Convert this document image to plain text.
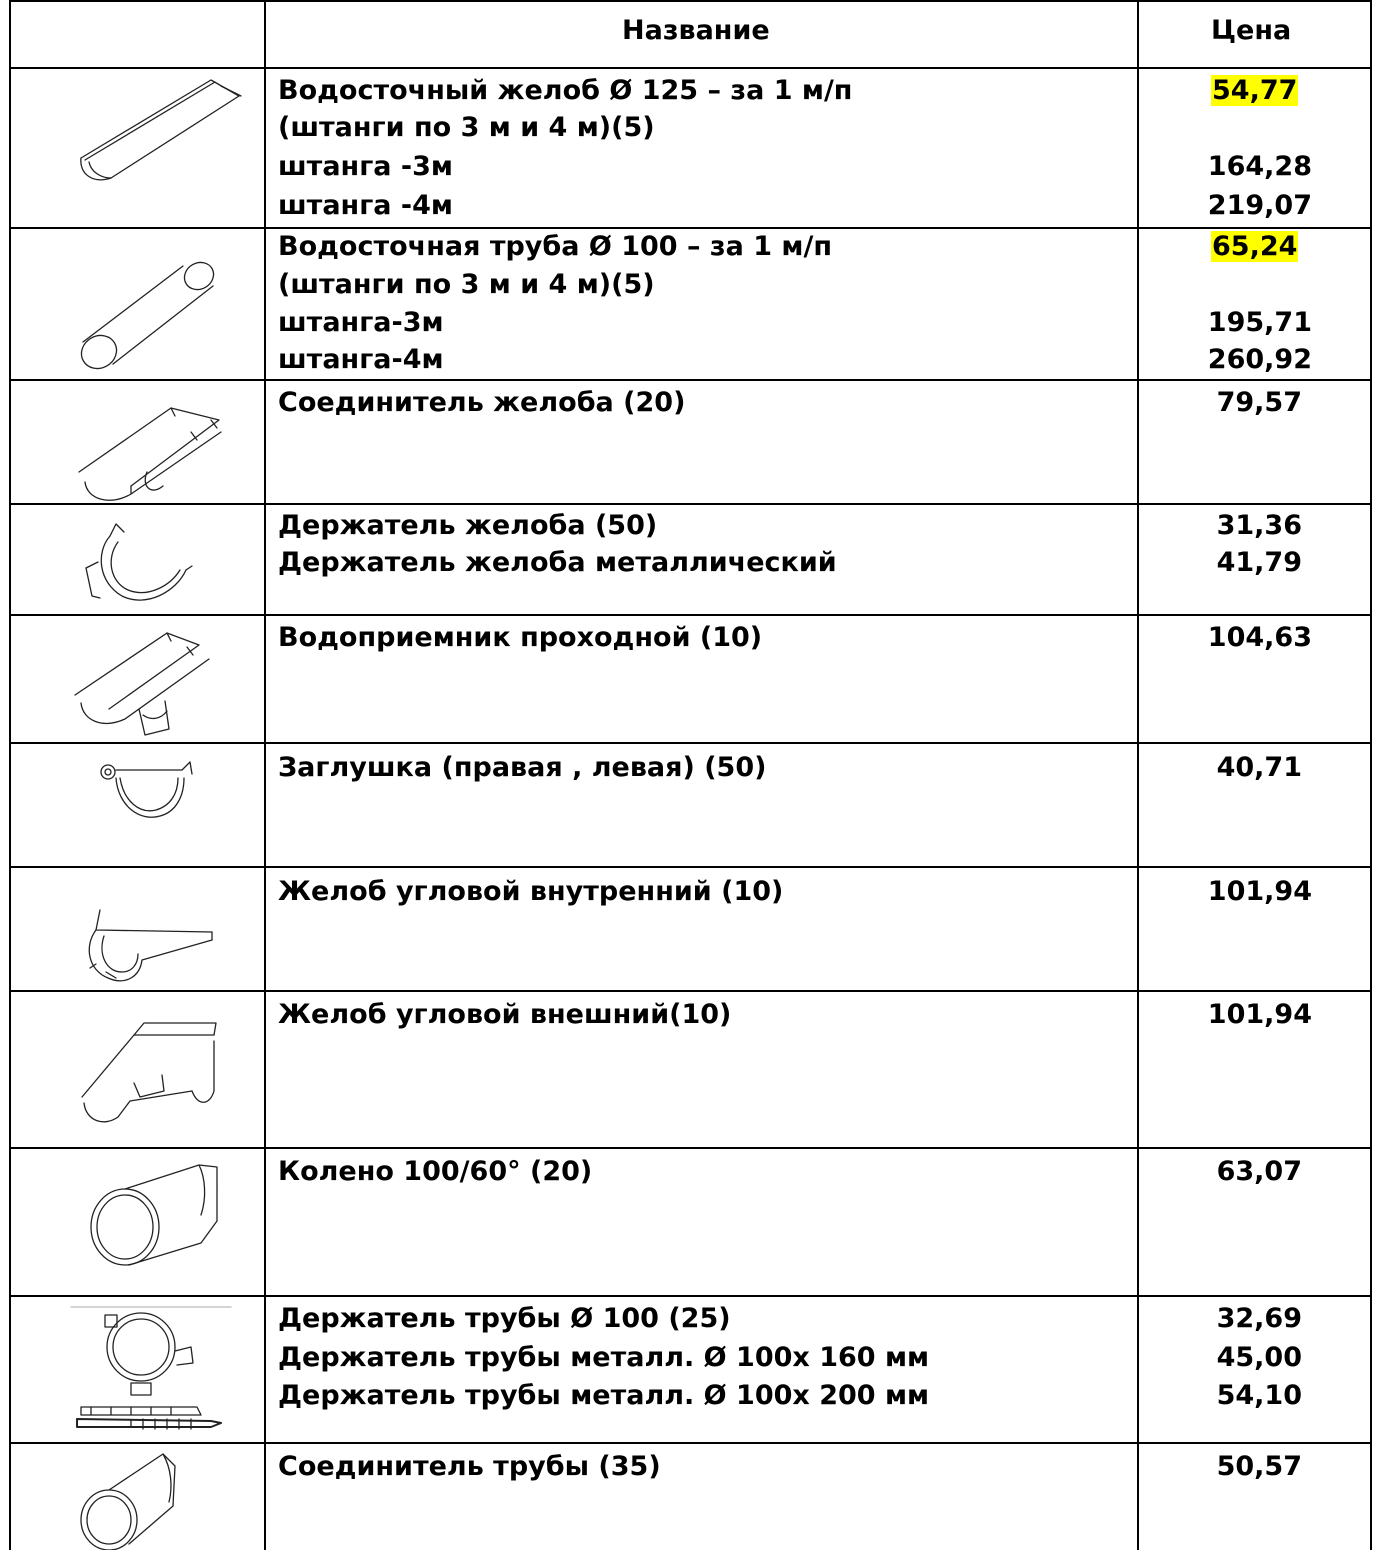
Название	Цена
Водосточный желоб Ø 125 – за 1 м/п	54,77
(штанги по 3 м и 4 м)(5)
штанга -3м	164,28
штанга -4м	219,07
Водосточная труба Ø 100 – за 1 м/п	65,24
(штанги по 3 м и 4 м)(5)
штанга-3м	195,71
штанга-4м	260,92
Соединитель желоба (20)	79,57
Держатель желоба (50)	31,36
Держатель желоба металлический	41,79
Водоприемник проходной (10)	104,63
Заглушка (правая , левая) (50)	40,71
Желоб угловой внутренний (10)	101,94
Желоб угловой внешний(10)	101,94
Колено 100/60° (20)	63,07
Держатель трубы Ø 100 (25)	32,69
Держатель трубы металл. Ø 100х 160 мм	45,00
Держатель трубы металл. Ø 100х 200 мм	54,10
Соединитель трубы (35)	50,57
